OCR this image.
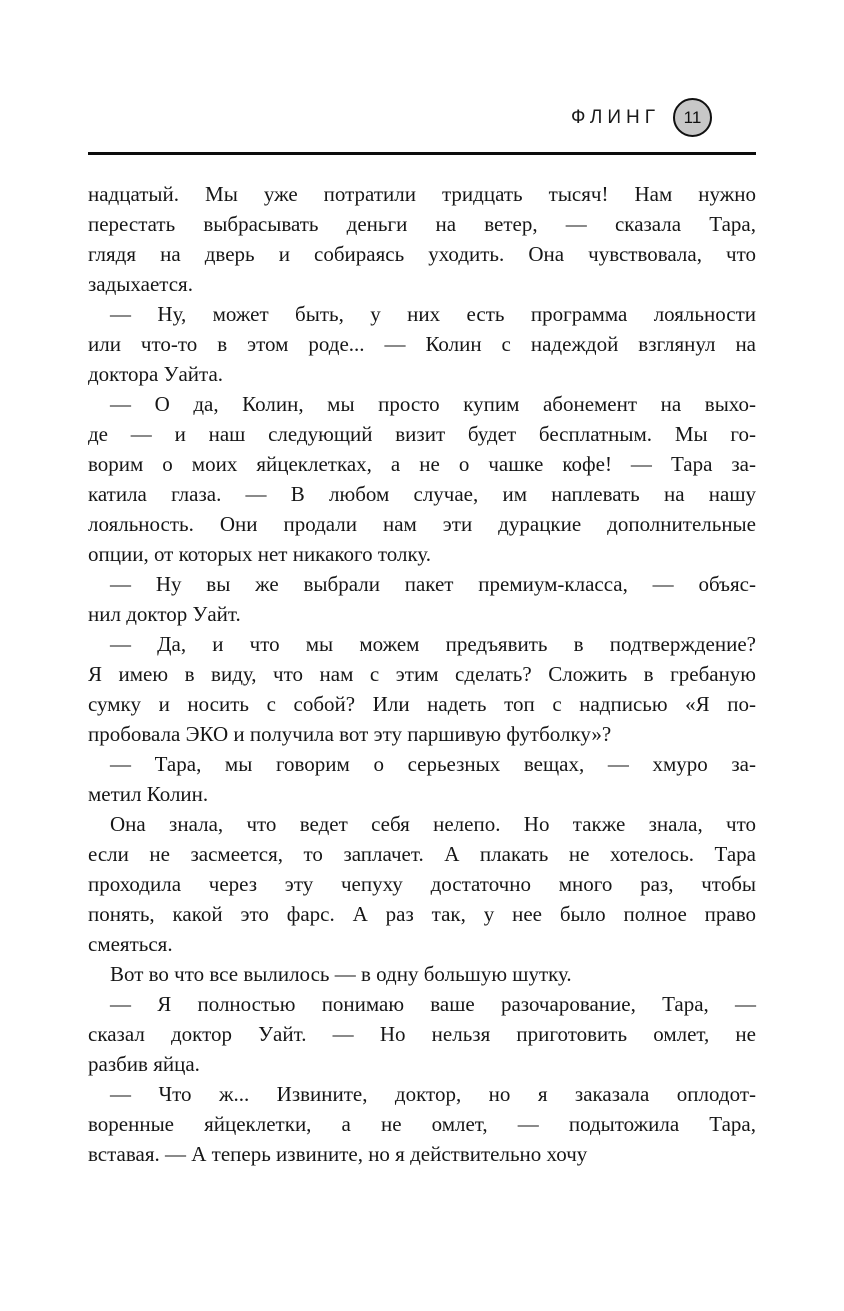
ФЛИНГ 11
надцатый. Мы уже потратили тридцать тысяч! Нам нужно
перестать выбрасывать деньги на ветер, — сказала Тара,
глядя на дверь и собираясь уходить. Она чувствовала, что
задыхается.
— Ну, может быть, у них есть программа лояльности
или что-то в этом роде... — Колин с надеждой взглянул на
доктора Уайта.
— О да, Колин, мы просто купим абонемент на выхо-
де — и наш следующий визит будет бесплатным. Мы го-
ворим о моих яйцеклетках, а не о чашке кофе! — Тара за-
катила глаза. — В любом случае, им наплевать на нашу
лояльность. Они продали нам эти дурацкие дополнительные
опции, от которых нет никакого толку.
— Ну вы же выбрали пакет премиум-класса, — объяс-
нил доктор Уайт.
— Да, и что мы можем предъявить в подтверждение?
Я имею в виду, что нам с этим сделать? Сложить в гребаную
сумку и носить с собой? Или надеть топ с надписью «Я по-
пробовала ЭКО и получила вот эту паршивую футболку»?
— Тара, мы говорим о серьезных вещах, — хмуро за-
метил Колин.
Она знала, что ведет себя нелепо. Но также знала, что
если не засмеется, то заплачет. А плакать не хотелось. Тара
проходила через эту чепуху достаточно много раз, чтобы
понять, какой это фарс. А раз так, у нее было полное право
смеяться.
Вот во что все вылилось — в одну большую шутку.
— Я полностью понимаю ваше разочарование, Тара, —
сказал доктор Уайт. — Но нельзя приготовить омлет, не
разбив яйца.
— Что ж... Извините, доктор, но я заказала оплодот-
воренные яйцеклетки, а не омлет, — подытожила Тара,
вставая. — А теперь извините, но я действительно хочу
